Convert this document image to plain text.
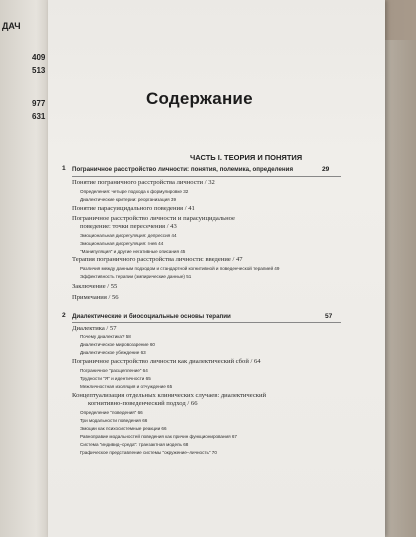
ДАЧ
409
513
977
631
Содержание
ЧАСТЬ I. ТЕОРИЯ И ПОНЯТИЯ
1 Пограничное расстройство личности: понятия, полемика, определения	29
Понятие пограничного расстройства личности / 32
Определения: четыре подхода к формулировке 32
Диалектические критерии: реорганизация 39
Понятие парасуицидального поведения / 41
Пограничное расстройство личности и парасуицидальное
поведение: точки пересечения / 43
Эмоциональная дисрегуляция: депрессия 44
Эмоциональная дисрегуляция: гнев 44
"Манипуляция" и другие негативные описания 45
Терапия пограничного расстройства личности: введение / 47
Различия между данным подходом и стандартной когнитивной и поведенческой терапией 49
Эффективность терапии (эмпирические данные) 51
Заключение / 55
Примечания / 56
2 Диалектические и биосоциальные основы терапии	57
Диалектика / 57
Почему диалектика? 58
Диалектическое мировоззрение 60
Диалектическое убеждение 63
Пограничное расстройство личности как диалектический сбой / 64
Пограничное "расщепление" 64
Трудности "Я" и идентичности 65
Межличностная изоляция и отчуждение 65
Концептуализация отдельных клинических случаев: диалектический
когнитивно-поведенческий подход / 66
Определение "поведения" 66
Три модальности поведения 66
Эмоции как психосистемные реакции 66
Равноправие модальностей поведения как причин функционирования 67
Система "индивид–среда": транзактная модель 68
Графическое представление системы "окружение–личность" 70
